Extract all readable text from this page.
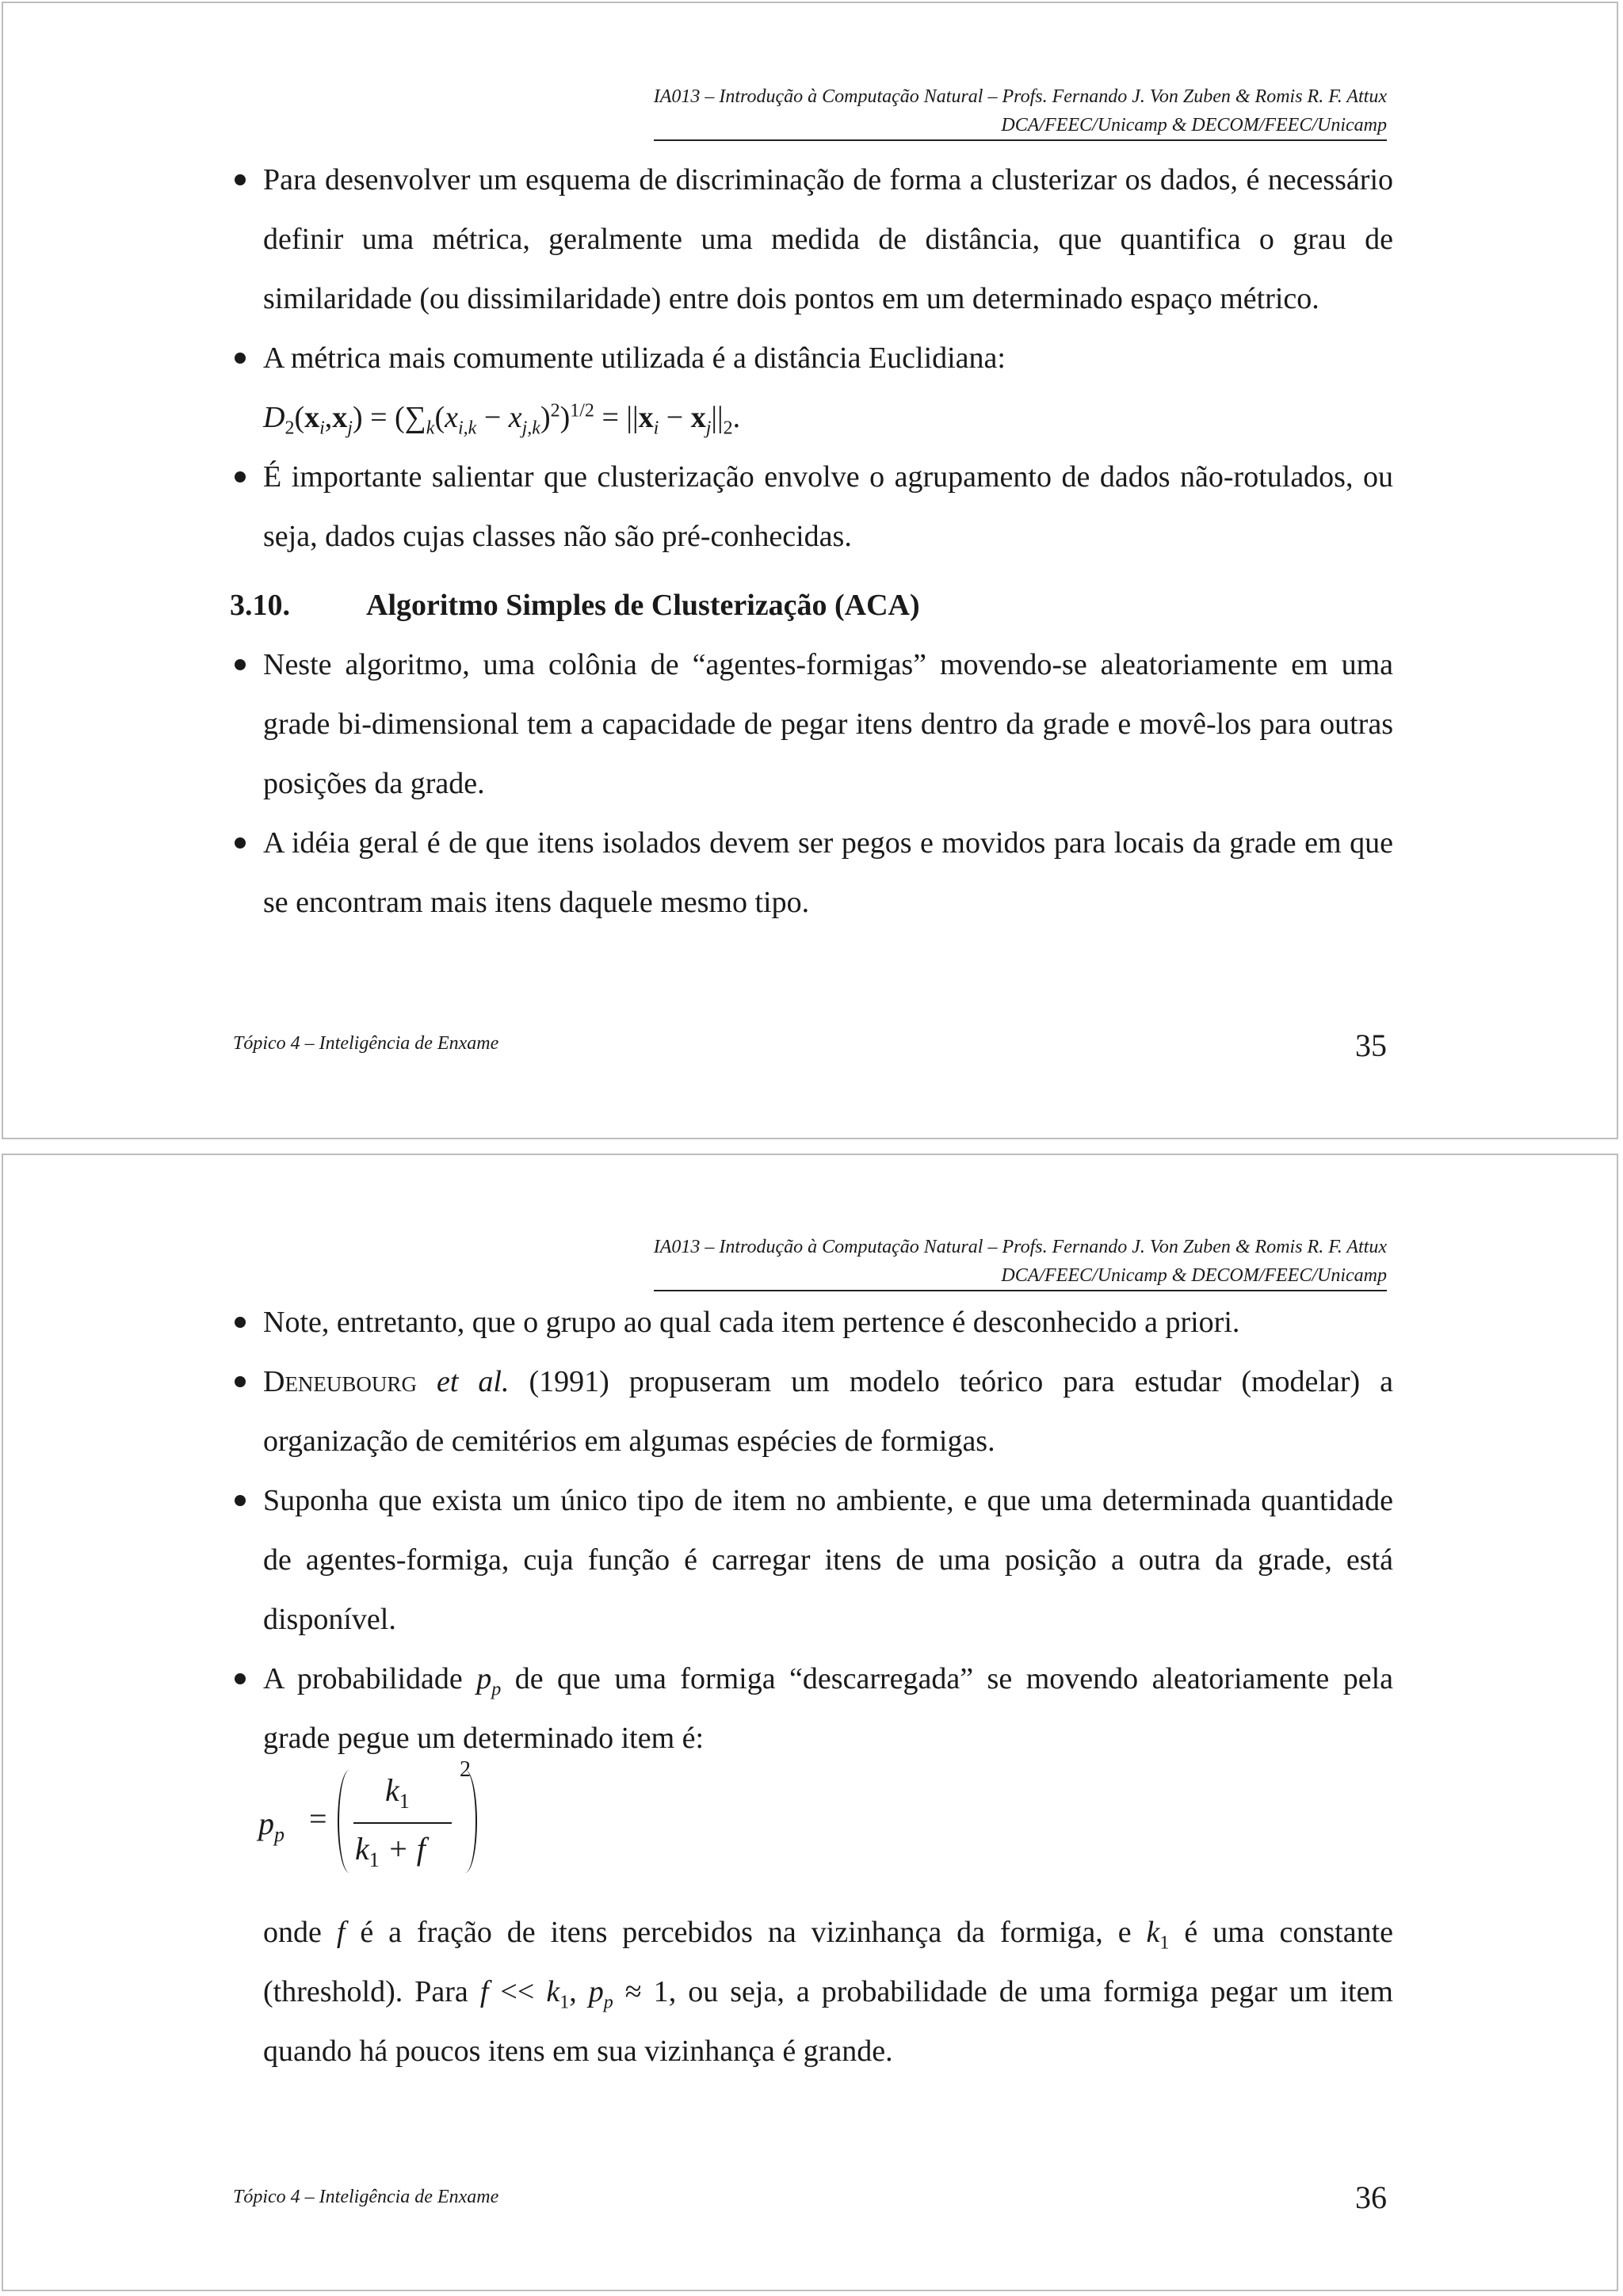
IA013 – Introdução à Computação Natural – Profs. Fernando J. Von Zuben & Romis R. F. Attux

DCA/FEEC/Unicamp & DECOM/FEEC/Unicamp
Para desenvolver um esquema de discriminação de forma a clusterizar os dados, é necessário definir uma métrica, geralmente uma medida de distância, que quantifica o grau de similaridade (ou dissimilaridade) entre dois pontos em um determinado espaço métrico.
A métrica mais comumente utilizada é a distância Euclidiana:
$D_2(x_i,x_j) = (\sum_k(x_{i,k} - x_{j,k})^2)^{1/2} = ||x_i - x_j||_2$.
É importante salientar que clusterização envolve o agrupamento de dados não-rotulados, ou seja, dados cujas classes não são pré-conhecidas.
3.10.	Algoritmo Simples de Clusterização (ACA)
Neste algoritmo, uma colônia de “agentes-formigas” movendo-se aleatoriamente em uma grade bi-dimensional tem a capacidade de pegar itens dentro da grade e movê-los para outras posições da grade.
A idéia geral é de que itens isolados devem ser pegos e movidos para locais da grade em que se encontram mais itens daquele mesmo tipo.
Tópico 4 – Inteligência de Enxame	35
IA013 – Introdução à Computação Natural – Profs. Fernando J. Von Zuben & Romis R. F. Attux

DCA/FEEC/Unicamp & DECOM/FEEC/Unicamp
Note, entretanto, que o grupo ao qual cada item pertence é desconhecido a priori.
Deneubourg et al. (1991) propuseram um modelo teórico para estudar (modelar) a organização de cemitérios em algumas espécies de formigas.
Suponha que exista um único tipo de item no ambiente, e que uma determinada quantidade de agentes-formiga, cuja função é carregar itens de uma posição a outra da grade, está disponível.
A probabilidade $p_p$ de que uma formiga “descarregada” se movendo aleatoriamente pela grade pegue um determinado item é:
$p_p$ =
$k_1$
$k_1 + f$
2
onde f é a fração de itens percebidos na vizinhança da formiga, e $k_1$ é uma constante (threshold). Para $f << k_1$, $p_p \approx 1$, ou seja, a probabilidade de uma formiga pegar um item quando há poucos itens em sua vizinhança é grande.
Tópico 4 – Inteligência de Enxame	36
